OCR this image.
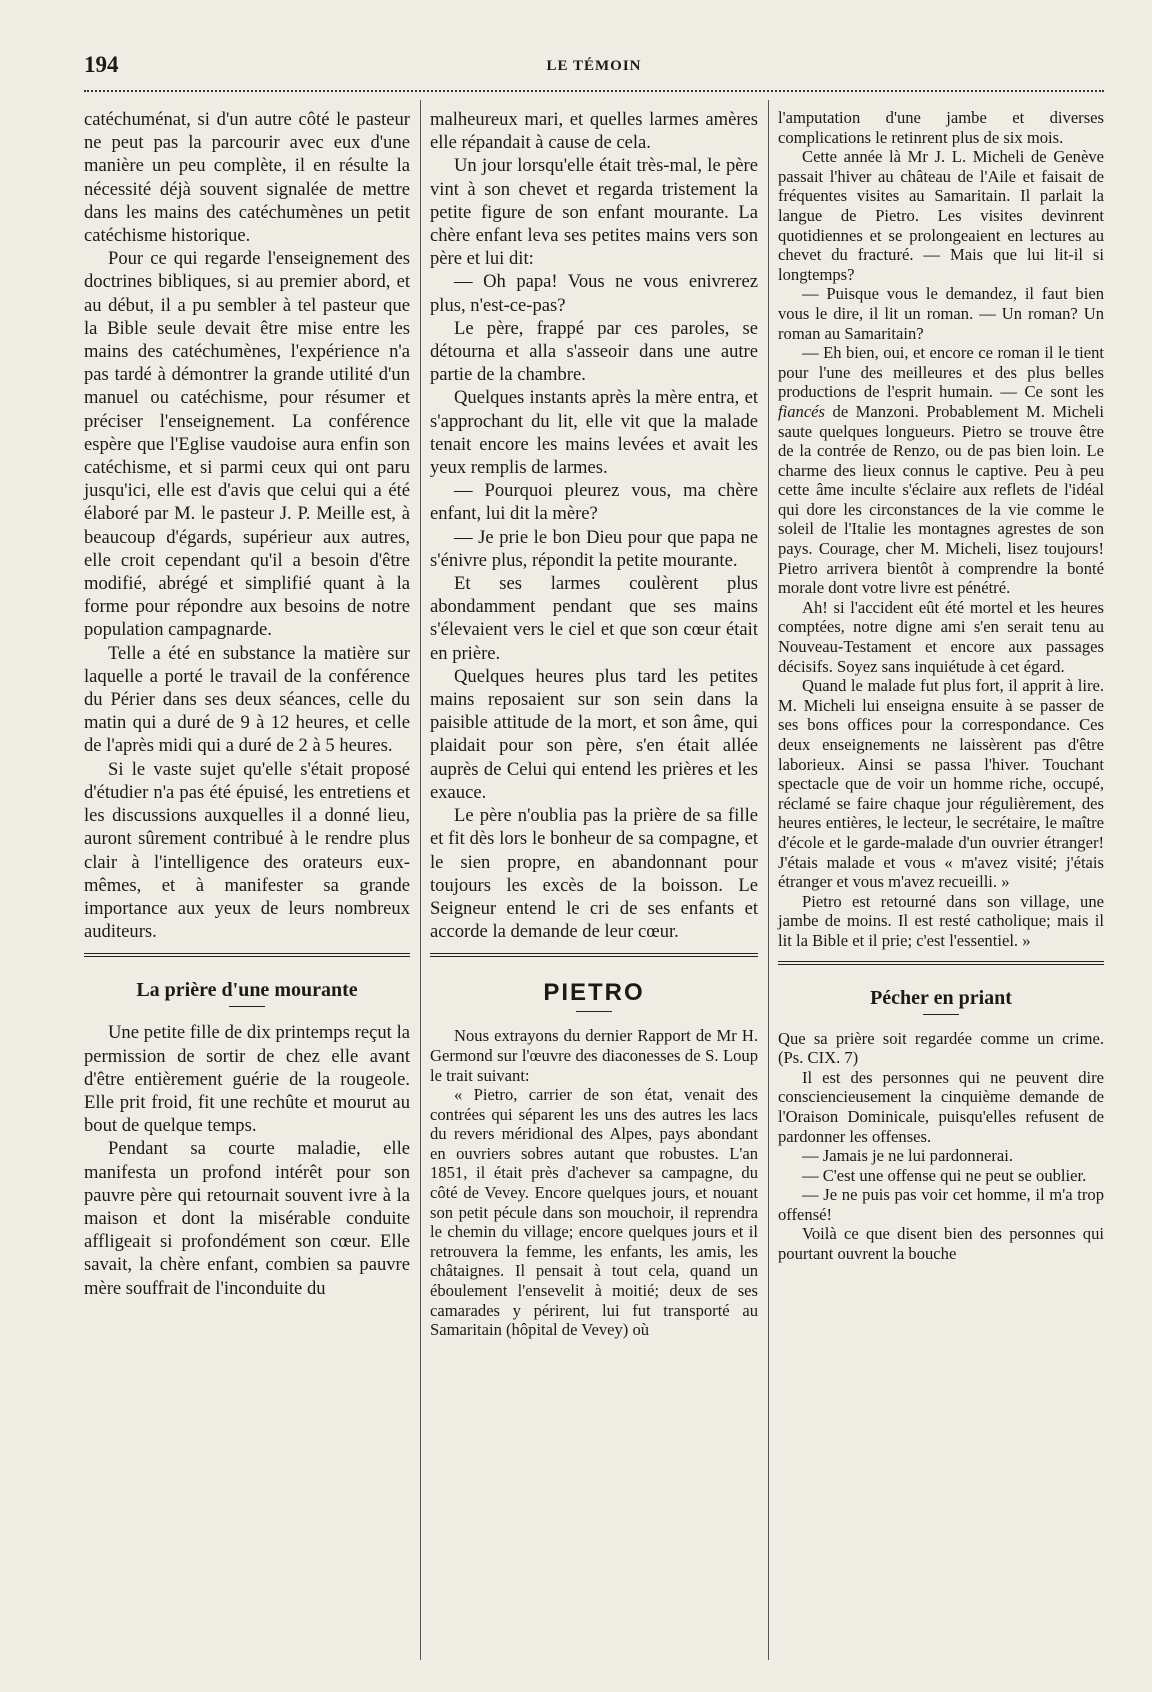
194	LE TÉMOIN

catéchuménat, si d'un autre côté le pasteur ne peut pas la parcourir avec eux d'une manière un peu complète, il en résulte la nécessité déjà souvent signalée de mettre dans les mains des catéchumènes un petit catéchisme historique.

Pour ce qui regarde l'enseignement des doctrines bibliques, si au premier abord, et au début, il a pu sembler à tel pasteur que la Bible seule devait être mise entre les mains des catéchumènes, l'expérience n'a pas tardé à démontrer la grande utilité d'un manuel ou catéchisme, pour résumer et préciser l'enseignement. La conférence espère que l'Eglise vaudoise aura enfin son catéchisme, et si parmi ceux qui ont paru jusqu'ici, elle est d'avis que celui qui a été élaboré par M. le pasteur J. P. Meille est, à beaucoup d'égards, supérieur aux autres, elle croit cependant qu'il a besoin d'être modifié, abrégé et simplifié quant à la forme pour répondre aux besoins de notre population campagnarde.

Telle a été en substance la matière sur laquelle a porté le travail de la conférence du Périer dans ses deux séances, celle du matin qui a duré de 9 à 12 heures, et celle de l'après midi qui a duré de 2 à 5 heures.

Si le vaste sujet qu'elle s'était proposé d'étudier n'a pas été épuisé, les entretiens et les discussions auxquelles il a donné lieu, auront sûrement contribué à le rendre plus clair à l'intelligence des orateurs eux-mêmes, et à manifester sa grande importance aux yeux de leurs nombreux auditeurs.

La prière d'une mourante

Une petite fille de dix printemps reçut la permission de sortir de chez elle avant d'être entièrement guérie de la rougeole. Elle prit froid, fit une rechûte et mourut au bout de quelque temps.

Pendant sa courte maladie, elle manifesta un profond intérêt pour son pauvre père qui retournait souvent ivre à la maison et dont la misérable conduite affligeait si profondément son cœur. Elle savait, la chère enfant, combien sa pauvre mère souffrait de l'inconduite du

malheureux mari, et quelles larmes amères elle répandait à cause de cela.

Un jour lorsqu'elle était très-mal, le père vint à son chevet et regarda tristement la petite figure de son enfant mourante. La chère enfant leva ses petites mains vers son père et lui dit:

— Oh papa! Vous ne vous enivrerez plus, n'est-ce-pas?

Le père, frappé par ces paroles, se détourna et alla s'asseoir dans une autre partie de la chambre.

Quelques instants après la mère entra, et s'approchant du lit, elle vit que la malade tenait encore les mains levées et avait les yeux remplis de larmes.

— Pourquoi pleurez vous, ma chère enfant, lui dit la mère?

— Je prie le bon Dieu pour que papa ne s'énivre plus, répondit la petite mourante.

Et ses larmes coulèrent plus abondamment pendant que ses mains s'élevaient vers le ciel et que son cœur était en prière.

Quelques heures plus tard les petites mains reposaient sur son sein dans la paisible attitude de la mort, et son âme, qui plaidait pour son père, s'en était allée auprès de Celui qui entend les prières et les exauce.

Le père n'oublia pas la prière de sa fille et fit dès lors le bonheur de sa compagne, et le sien propre, en abandonnant pour toujours les excès de la boisson. Le Seigneur entend le cri de ses enfants et accorde la demande de leur cœur.

PIETRO

Nous extrayons du dernier Rapport de Mr H. Germond sur l'œuvre des diaconesses de S. Loup le trait suivant:

« Pietro, carrier de son état, venait des contrées qui séparent les uns des autres les lacs du revers méridional des Alpes, pays abondant en ouvriers sobres autant que robustes. L'an 1851, il était près d'achever sa campagne, du côté de Vevey. Encore quelques jours, et nouant son petit pécule dans son mouchoir, il reprendra le chemin du village; encore quelques jours et il retrouvera la femme, les enfants, les amis, les châtaignes. Il pensait à tout cela, quand un éboulement l'ensevelit à moitié; deux de ses camarades y périrent, lui fut transporté au Samaritain (hôpital de Vevey) où

l'amputation d'une jambe et diverses complications le retinrent plus de six mois.

Cette année là Mr J. L. Micheli de Genève passait l'hiver au château de l'Aile et faisait de fréquentes visites au Samaritain. Il parlait la langue de Pietro. Les visites devinrent quotidiennes et se prolongeaient en lectures au chevet du fracturé. — Mais que lui lit-il si longtemps?

— Puisque vous le demandez, il faut bien vous le dire, il lit un roman. — Un roman? Un roman au Samaritain?

— Eh bien, oui, et encore ce roman il le tient pour l'une des meilleures et des plus belles productions de l'esprit humain. — Ce sont les fiancés de Manzoni. Probablement M. Micheli saute quelques longueurs. Pietro se trouve être de la contrée de Renzo, ou de pas bien loin. Le charme des lieux connus le captive. Peu à peu cette âme inculte s'éclaire aux reflets de l'idéal qui dore les circonstances de la vie comme le soleil de l'Italie les montagnes agrestes de son pays. Courage, cher M. Micheli, lisez toujours! Pietro arrivera bientôt à comprendre la bonté morale dont votre livre est pénétré.

Ah! si l'accident eût été mortel et les heures comptées, notre digne ami s'en serait tenu au Nouveau-Testament et encore aux passages décisifs. Soyez sans inquiétude à cet égard.

Quand le malade fut plus fort, il apprit à lire. M. Micheli lui enseigna ensuite à se passer de ses bons offices pour la correspondance. Ces deux enseignements ne laissèrent pas d'être laborieux. Ainsi se passa l'hiver. Touchant spectacle que de voir un homme riche, occupé, réclamé se faire chaque jour régulièrement, des heures entières, le lecteur, le secrétaire, le maître d'école et le garde-malade d'un ouvrier étranger! J'étais malade et vous « m'avez visité; j'étais étranger et vous m'avez recueilli. »

Pietro est retourné dans son village, une jambe de moins. Il est resté catholique; mais il lit la Bible et il prie; c'est l'essentiel. »

Pécher en priant

Que sa prière soit regardée comme un crime. (Ps. CIX. 7)

Il est des personnes qui ne peuvent dire consciencieusement la cinquième demande de l'Oraison Dominicale, puisqu'elles refusent de pardonner les offenses.

— Jamais je ne lui pardonnerai.

— C'est une offense qui ne peut se oublier.

— Je ne puis pas voir cet homme, il m'a trop offensé!

Voilà ce que disent bien des personnes qui pourtant ouvrent la bouche
